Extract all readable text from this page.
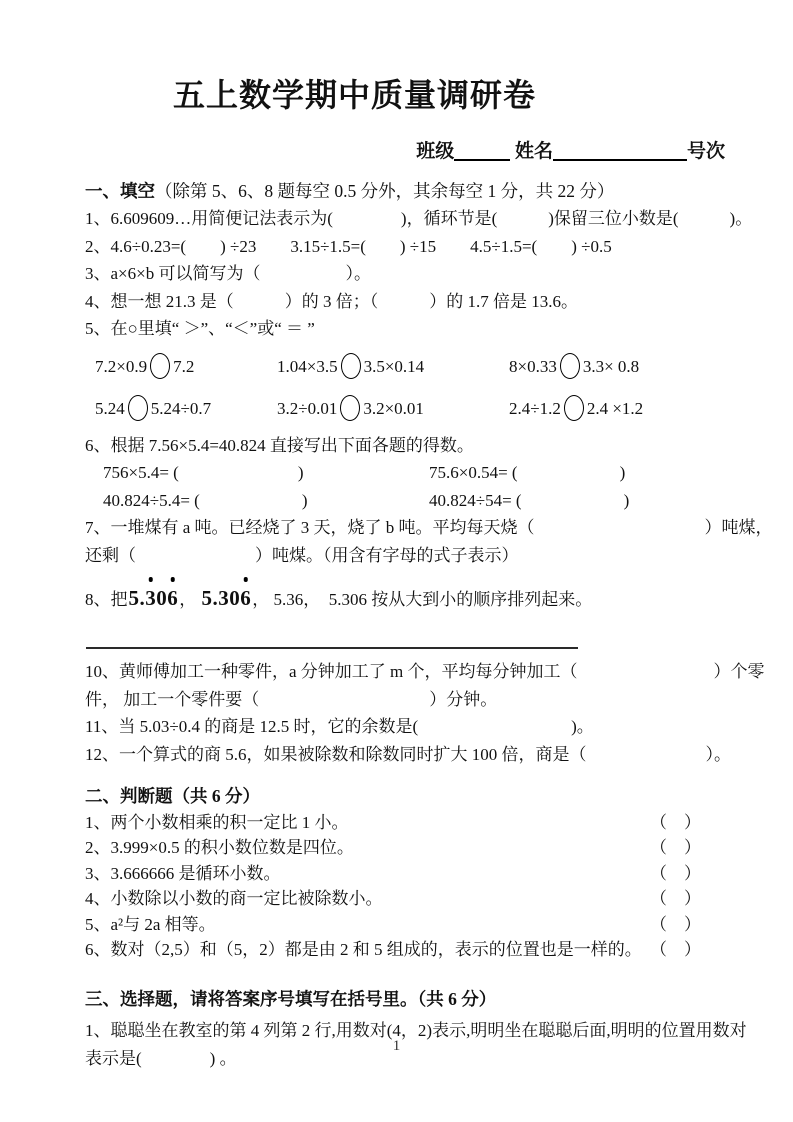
五上数学期中质量调研卷
班级	姓名	号次
一、填空（除第 5、6、8 题每空 0.5 分外，其余每空 1 分，共 22 分）
1、6.609609…用简便记法表示为(　　　　)，循环节是(　　　)保留三位小数是(　　　)。
2、4.6÷0.23=(　　) ÷23　　3.15÷1.5=(　　) ÷15　　4.5÷1.5=(　　) ÷0.5
3、a×6×b 可以简写为（　　　　　）。
4、想一想 21.3 是（　　　）的 3 倍；（　　　）的 1.7 倍是 13.6。
5、在○里填“ ＞”、“＜”或“ ＝ ”
7.2×0.9 7.2	1.04×3.5 3.5×0.14	8×0.33 3.3× 0.8
5.24 5.24÷0.7	3.2÷0.01 3.2×0.01	2.4÷1.2 2.4 ×1.2
6、根据 7.56×5.4=40.824 直接写出下面各题的得数。
756×5.4= (　　　　　　　)	75.6×0.54= (　　　　　　)
40.824÷5.4= (　　　　　　)	40.824÷54= (　　　　　　)
7、一堆煤有 a 吨。已经烧了 3 天，烧了 b 吨。平均每天烧（　　　　　　　　　　）吨煤，
还剩（　　　　　　　）吨煤。（用含有字母的式子表示）
8、把5.306， 5.306， 5.36，　5.306 按从大到小的顺序排列起来。
10、黄师傅加工一种零件，a 分钟加工了 m 个，平均每分钟加工（　　　　　　　　）个零
件， 加工一个零件要（　　　　　　　　　　）分钟。
11、当 5.03÷0.4 的商是 12.5 时，它的余数是(　　　　　　　　　)。
12、一个算式的商 5.6，如果被除数和除数同时扩大 100 倍，商是（　　　　　　　）。
二、判断题（共 6 分）
1、两个小数相乘的积一定比 1 小。	（　）
2、3.999×0.5 的积小数位数是四位。	（　）
3、3.666666 是循环小数。	（　）
4、小数除以小数的商一定比被除数小。	（　）
5、a²与 2a 相等。	（　）
6、数对（2,5）和（5，2）都是由 2 和 5 组成的，表示的位置也是一样的。 （　）
三、选择题，请将答案序号填写在括号里。（共 6 分）
1、聪聪坐在教室的第 4 列第 2 行,用数对(4，2)表示,明明坐在聪聪后面,明明的位置用数对
表示是(　　　　) 。
1
